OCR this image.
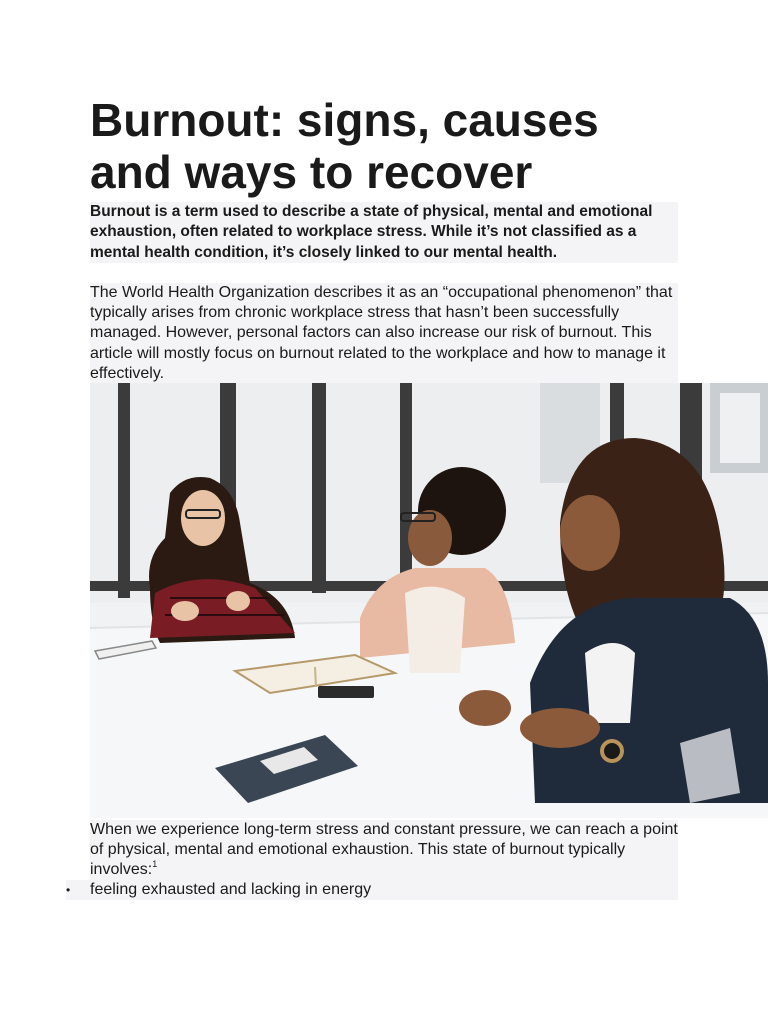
Burnout: signs, causes and ways to recover

Burnout is a term used to describe a state of physical, mental and emotional exhaustion, often related to workplace stress. While it’s not classified as a mental health condition, it’s closely linked to our mental health.

The World Health Organization describes it as an “occupational phenomenon” that typically arises from chronic workplace stress that hasn’t been successfully managed. However, personal factors can also increase our risk of burnout. This article will mostly focus on burnout related to the workplace and how to manage it effectively.

When we experience long-term stress and constant pressure, we can reach a point of physical, mental and emotional exhaustion. This state of burnout typically involves:$^1$

•	feeling exhausted and lacking in energy
